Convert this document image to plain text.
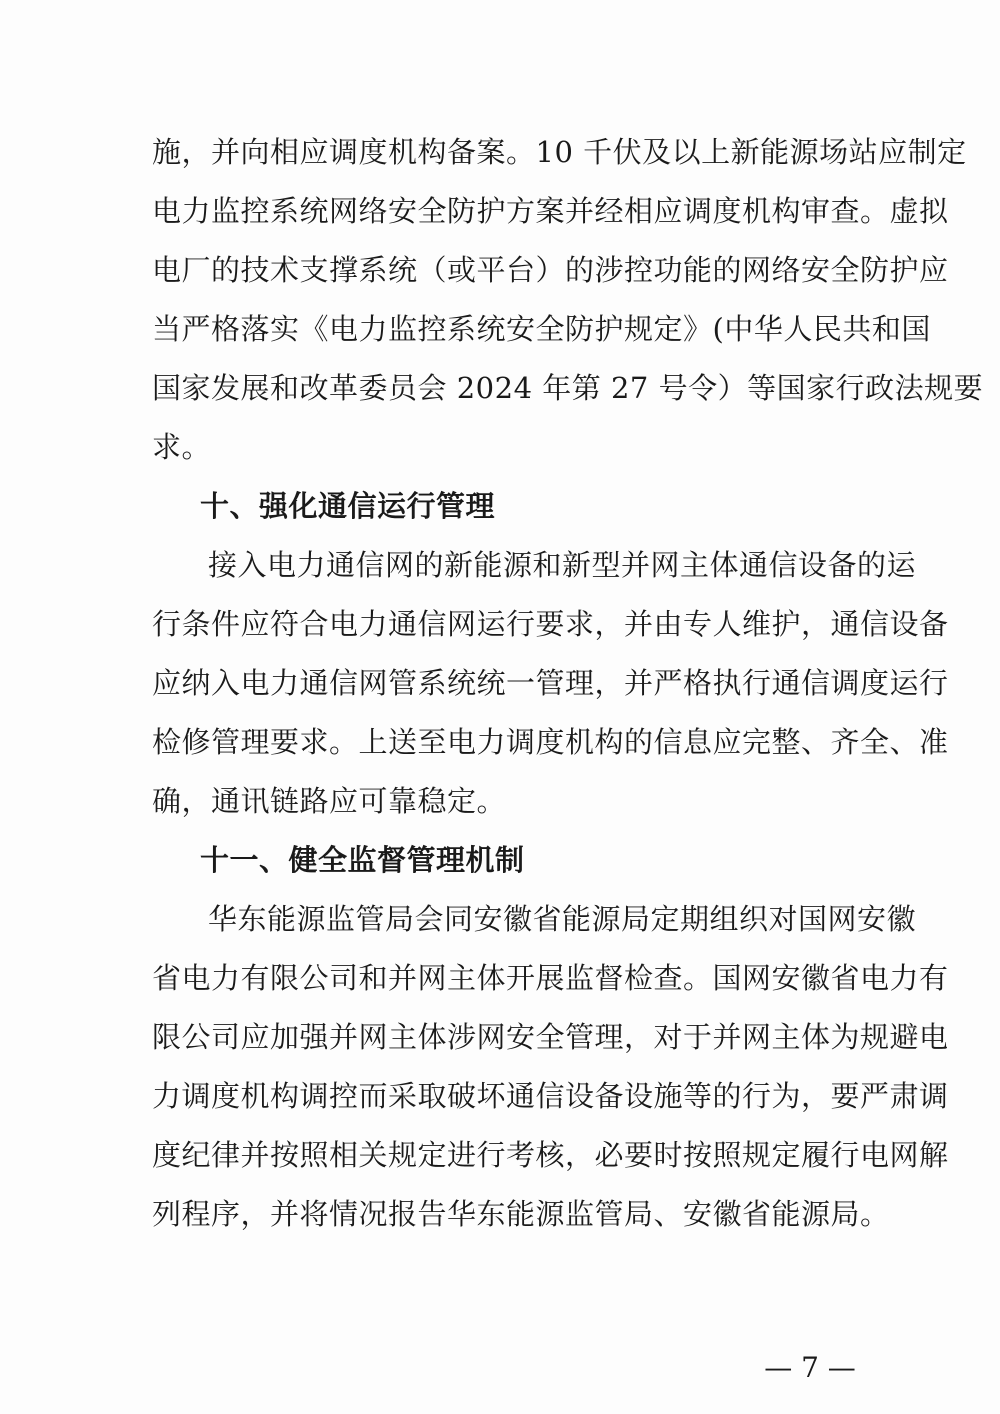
施，并向相应调度机构备案。10 千伏及以上新能源场站应制定
电力监控系统网络安全防护方案并经相应调度机构审查。虚拟
电厂的技术支撑系统（或平台）的涉控功能的网络安全防护应
当严格落实《电力监控系统安全防护规定》(中华人民共和国
国家发展和改革委员会 2024 年第 27 号令）等国家行政法规要
求。
十、强化通信运行管理
接入电力通信网的新能源和新型并网主体通信设备的运
行条件应符合电力通信网运行要求，并由专人维护，通信设备
应纳入电力通信网管系统统一管理，并严格执行通信调度运行
检修管理要求。上送至电力调度机构的信息应完整、齐全、准
确，通讯链路应可靠稳定。
十一、健全监督管理机制
华东能源监管局会同安徽省能源局定期组织对国网安徽
省电力有限公司和并网主体开展监督检查。国网安徽省电力有
限公司应加强并网主体涉网安全管理，对于并网主体为规避电
力调度机构调控而采取破坏通信设备设施等的行为，要严肃调
度纪律并按照相关规定进行考核，必要时按照规定履行电网解
列程序，并将情况报告华东能源监管局、安徽省能源局。
— 7 —
